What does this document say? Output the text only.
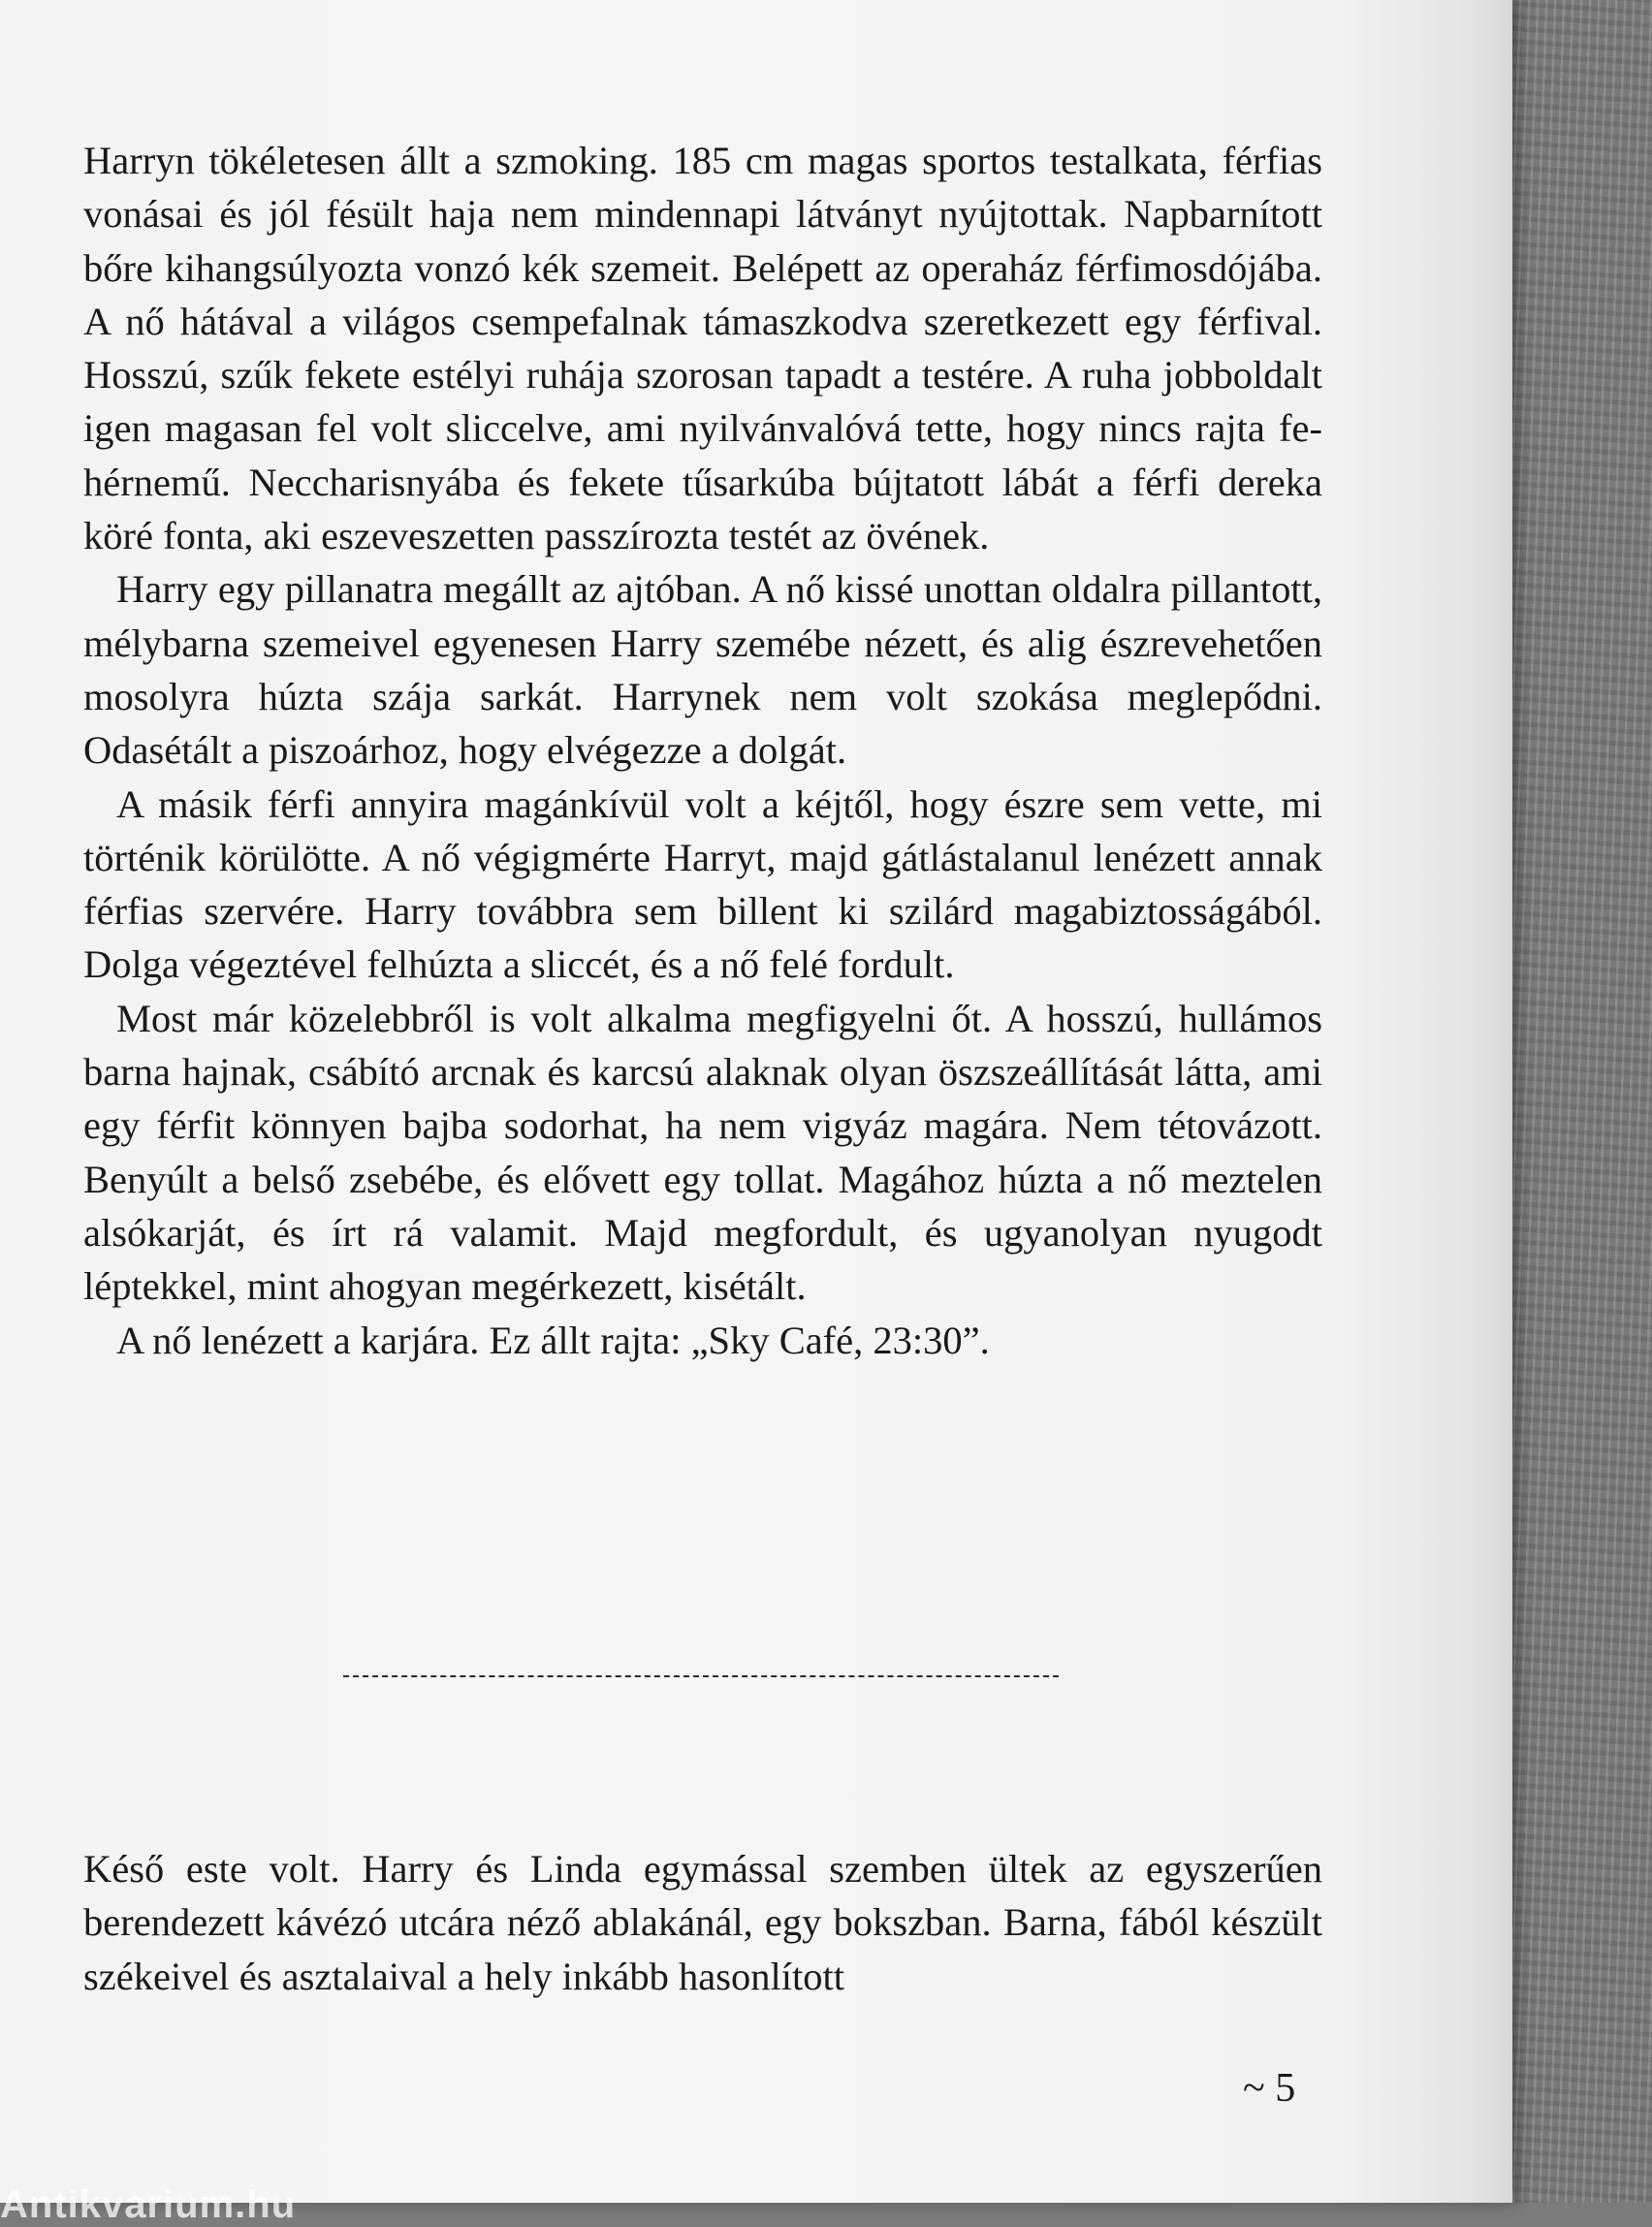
Harryn tökéletesen állt a szmoking. 185 cm magas sportos testalkata, férfias vonásai és jól fésült haja nem mindennapi látványt nyújtottak. Napbarnított bőre kihangsúlyozta vonzó kék szemeit. Belépett az operaház férfimosdójába. A nő hátával a világos csempefalnak támaszkodva szeretkezett egy férfival. Hosszú, szűk fekete estélyi ruhája szorosan tapadt a testére. A ruha jobboldalt igen magasan fel volt sliccelve, ami nyilvánvalóvá tette, hogy nincs rajta fehérnemű. Neccharisnyába és fekete tűsarkúba bújtatott lábát a férfi dereka köré fonta, aki eszeveszetten passzírozta testét az övének.

Harry egy pillanatra megállt az ajtóban. A nő kissé unottan oldalra pillantott, mélybarna szemeivel egyenesen Harry szemébe nézett, és alig észrevehetően mosolyra húzta szája sarkát. Harrynek nem volt szokása meglepődni. Odasétált a piszoárhoz, hogy elvégezze a dolgát.

A másik férfi annyira magánkívül volt a kéjtől, hogy észre sem vette, mi történik körülötte. A nő végigmérte Harryt, majd gátlástalanul lenézett annak férfias szervére. Harry továbbra sem billent ki szilárd magabiztosságából. Dolga végeztével felhúzta a sliccét, és a nő felé fordult.

Most már közelebbről is volt alkalma megfigyelni őt. A hosszú, hullámos barna hajnak, csábító arcnak és karcsú alaknak olyan öszszeállítását látta, ami egy férfit könnyen bajba sodorhat, ha nem vigyáz magára. Nem tétovázott. Benyúlt a belső zsebébe, és elővett egy tollat. Magához húzta a nő meztelen alsókarját, és írt rá valamit. Majd megfordult, és ugyanolyan nyugodt léptekkel, mint ahogyan megérkezett, kisétált.

A nő lenézett a karjára. Ez állt rajta: „Sky Café, 23:30”.

Késő este volt. Harry és Linda egymással szemben ültek az egyszerűen berendezett kávézó utcára néző ablakánál, egy bokszban. Barna, fából készült székeivel és asztalaival a hely inkább hasonlított

~ 5
Antikvarium.hu
